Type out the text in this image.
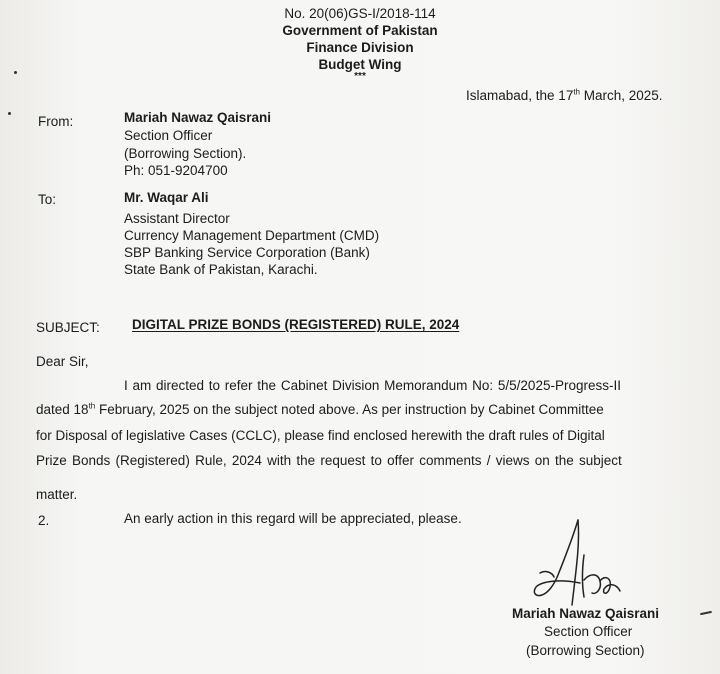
No. 20(06)GS-I/2018-114
Government of Pakistan
Finance Division
Budget Wing
***
Islamabad, the 17th March, 2025.
From:	Mariah Nawaz Qaisrani
Section Officer
(Borrowing Section).
Ph: 051-9204700
To:	Mr. Waqar Ali
Assistant Director
Currency Management Department (CMD)
SBP Banking Service Corporation (Bank)
State Bank of Pakistan, Karachi.
SUBJECT: DIGITAL PRIZE BONDS (REGISTERED) RULE, 2024
Dear Sir,
I am directed to refer the Cabinet Division Memorandum No: 5/5/2025-Progress-II
dated 18th February, 2025 on the subject noted above. As per instruction by Cabinet Committee
for Disposal of legislative Cases (CCLC), please find enclosed herewith the draft rules of Digital
Prize Bonds (Registered) Rule, 2024 with the request to offer comments / views on the subject
matter.
2.	An early action in this regard will be appreciated, please.
Mariah Nawaz Qaisrani
Section Officer
(Borrowing Section)
